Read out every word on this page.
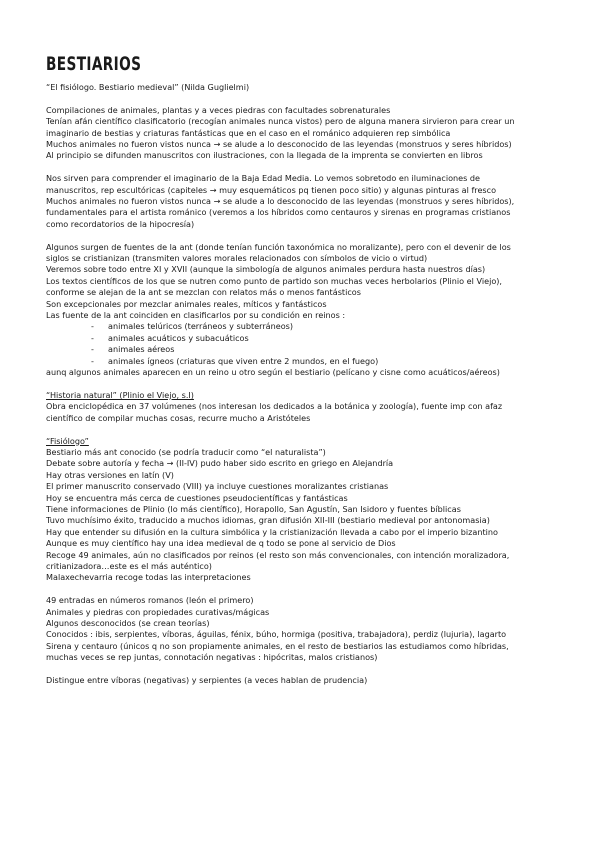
BESTIARIOS
“El fisiólogo. Bestiario medieval” (Nilda Guglielmi)
Compilaciones de animales, plantas y a veces piedras con facultades sobrenaturales
Tenían afán científico clasificatorio (recogían animales nunca vistos) pero de alguna manera sirvieron para crear un
imaginario de bestias y criaturas fantásticas que en el caso en el románico adquieren rep simbólica
Muchos animales no fueron vistos nunca → se alude a lo desconocido de las leyendas (monstruos y seres híbridos)
Al principio se difunden manuscritos con ilustraciones, con la llegada de la imprenta se convierten en libros
Nos sirven para comprender el imaginario de la Baja Edad Media. Lo vemos sobretodo en iluminaciones de
manuscritos, rep escultóricas (capiteles → muy esquemáticos pq tienen poco sitio) y algunas pinturas al fresco
Muchos animales no fueron vistos nunca → se alude a lo desconocido de las leyendas (monstruos y seres híbridos),
fundamentales para el artista románico (veremos a los híbridos como centauros y sirenas en programas cristianos
como recordatorios de la hipocresía)
Algunos surgen de fuentes de la ant (donde tenían función taxonómica no moralizante), pero con el devenir de los
siglos se cristianizan (transmiten valores morales relacionados con símbolos de vicio o virtud)
Veremos sobre todo entre XI y XVII (aunque la simbología de algunos animales perdura hasta nuestros días)
Los textos científicos de los que se nutren como punto de partido son muchas veces herbolarios (Plinio el Viejo),
conforme se alejan de la ant se mezclan con relatos más o menos fantásticos
Son excepcionales por mezclar animales reales, míticos y fantásticos
Las fuente de la ant coinciden en clasificarlos por su condición en reinos :
- animales telúricos (terráneos y subterráneos)
- animales acuáticos y subacuáticos
- animales aéreos
- animales ígneos (criaturas que viven entre 2 mundos, en el fuego)
aunq algunos animales aparecen en un reino u otro según el bestiario (pelícano y cisne como acuáticos/aéreos)
“Historia natural” (Plinio el Viejo, s.I)
Obra enciclopédica en 37 volúmenes (nos interesan los dedicados a la botánica y zoología), fuente imp con afaz
científico de compilar muchas cosas, recurre mucho a Aristóteles
“Fisiólogo”
Bestiario más ant conocido (se podría traducir como “el naturalista”)
Debate sobre autoría y fecha → (II-IV) pudo haber sido escrito en griego en Alejandría
Hay otras versiones en latín (V)
El primer manuscrito conservado (VIII) ya incluye cuestiones moralizantes cristianas
Hoy se encuentra más cerca de cuestiones pseudocientíficas y fantásticas
Tiene informaciones de Plinio (lo más científico), Horapollo, San Agustín, San Isidoro y fuentes bíblicas
Tuvo muchísimo éxito, traducido a muchos idiomas, gran difusión XII-III (bestiario medieval por antonomasia)
Hay que entender su difusión en la cultura simbólica y la cristianización llevada a cabo por el imperio bizantino
Aunque es muy científico hay una idea medieval de q todo se pone al servicio de Dios
Recoge 49 animales, aún no clasificados por reinos (el resto son más convencionales, con intención moralizadora,
critianizadora…este es el más auténtico)
Malaxechevarria recoge todas las interpretaciones
49 entradas en números romanos (león el primero)
Animales y piedras con propiedades curativas/mágicas
Algunos desconocidos (se crean teorías)
Conocidos : ibis, serpientes, víboras, águilas, fénix, búho, hormiga (positiva, trabajadora), perdiz (lujuria), lagarto
Sirena y centauro (únicos q no son propiamente animales, en el resto de bestiarios las estudiamos como híbridas,
muchas veces se rep juntas, connotación negativas : hipócritas, malos cristianos)
Distingue entre víboras (negativas) y serpientes (a veces hablan de prudencia)
